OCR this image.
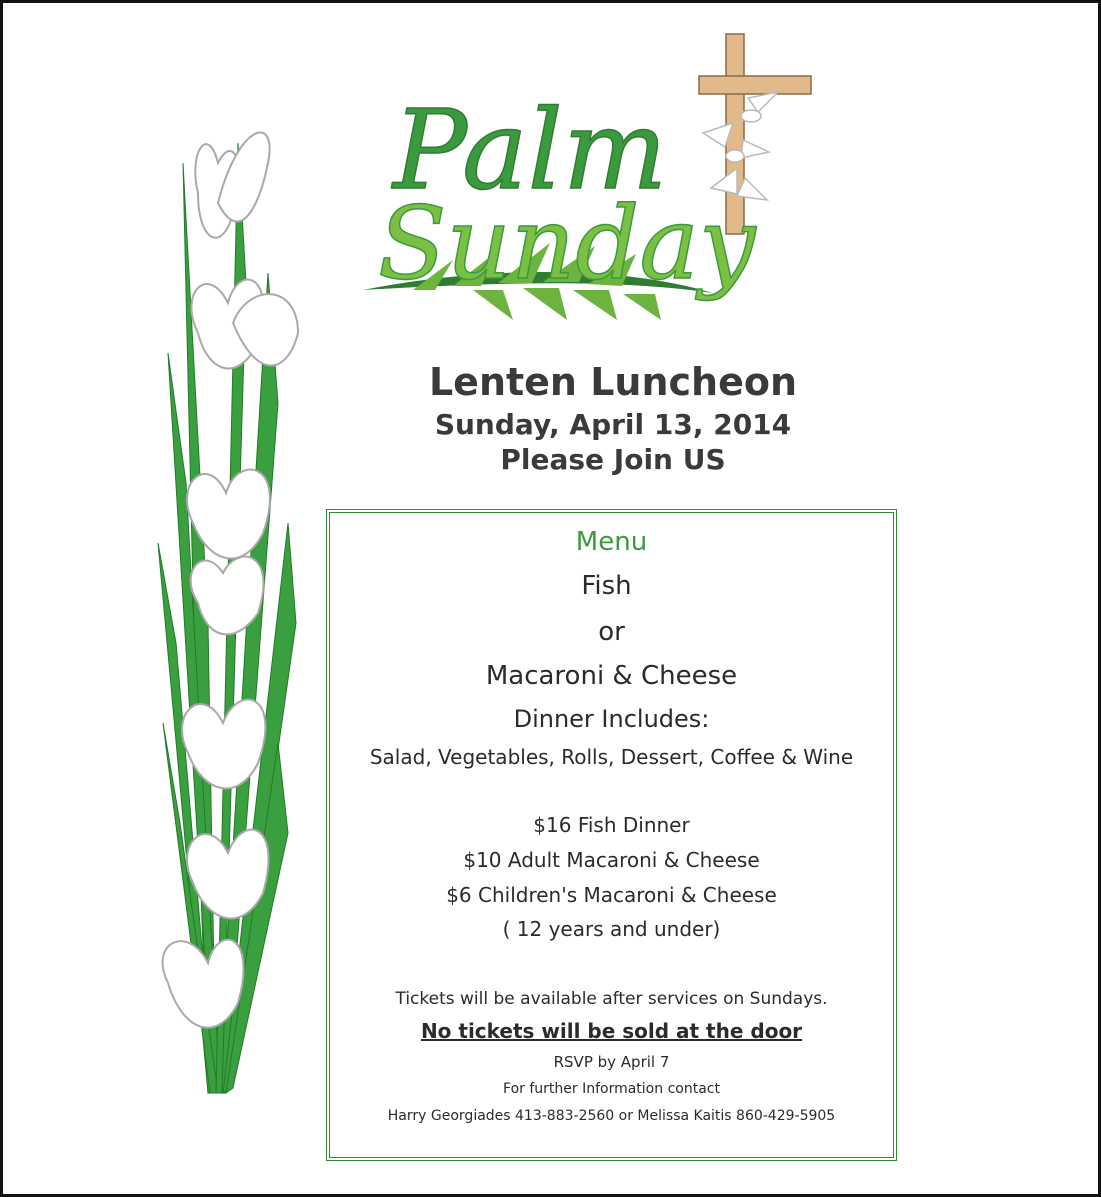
Palm
Sunday
Lenten Luncheon
Sunday, April 13, 2014
Please Join US
Menu
Fish
or
Macaroni & Cheese
Dinner Includes:
Salad, Vegetables, Rolls, Dessert, Coffee & Wine
$16 Fish Dinner
$10 Adult Macaroni & Cheese
$6 Children's Macaroni & Cheese
( 12 years and under)
Tickets will be available after services on Sundays.
No tickets will be sold at the door
RSVP by April 7
For further Information contact
Harry Georgiades 413-883-2560 or Melissa Kaitis 860-429-5905
